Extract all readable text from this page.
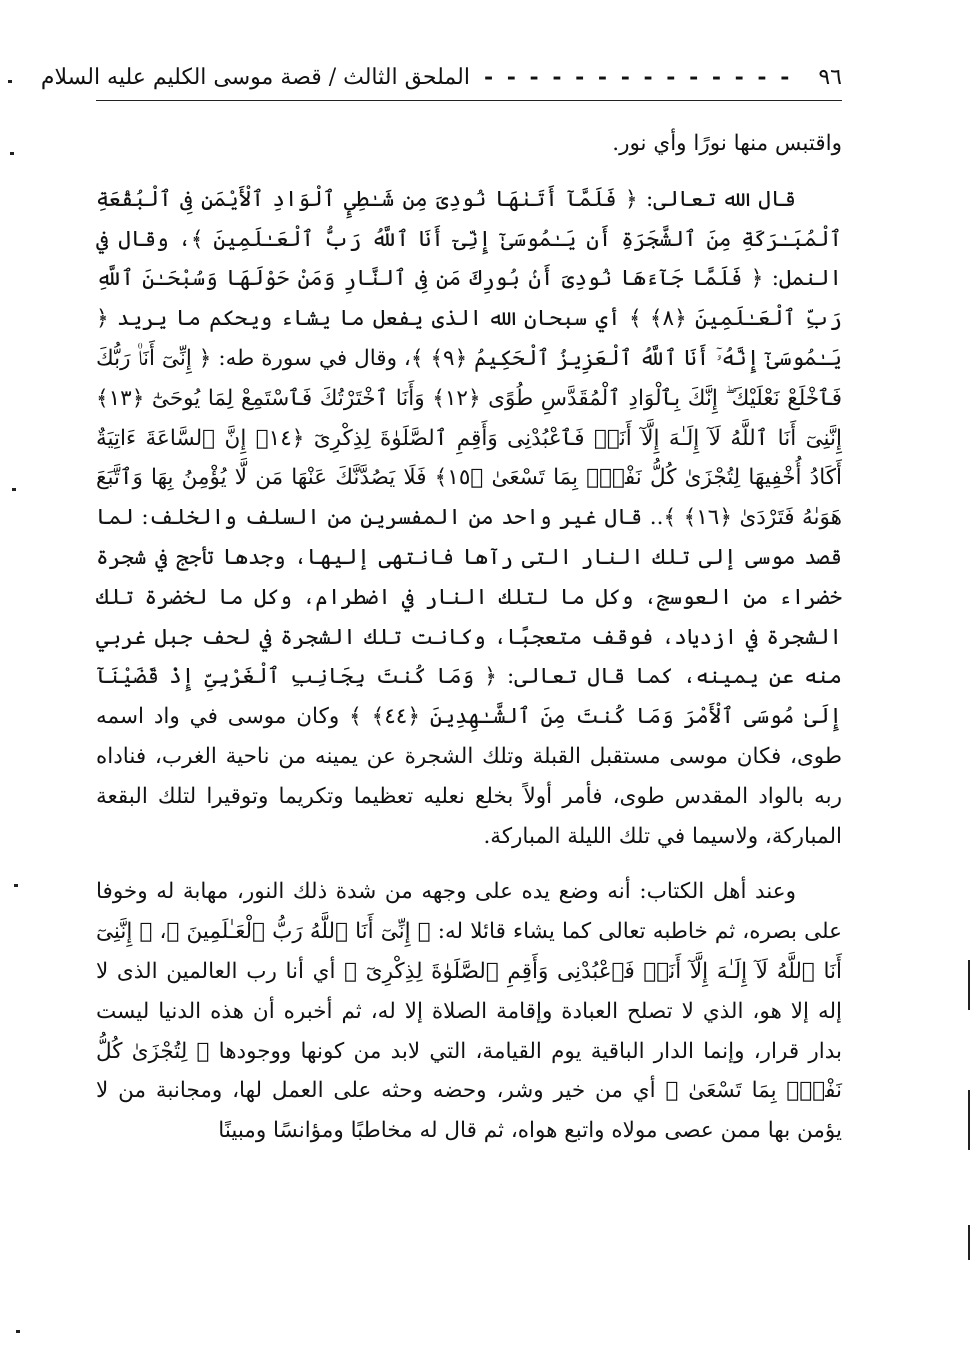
٩٦
- - - - - - - - - - - - - -
الملحق الثالث / قصة موسى الكليم عليه السلام

واقتبس منها نورًا وأي نور.

قال الله تعالى: ﴿ فَلَمَّآ أَتَىٰهَا نُودِىَ مِن شَـٰطِىِٕ ٱلْوَادِ ٱلْأَيْمَنِ فِى ٱلْبُقْعَةِ ٱلْمُبَـٰرَكَةِ مِنَ ٱلشَّجَرَةِ أَن يَـٰمُوسَىٰٓ إِنِّىٓ أَنَا ٱللَّهُ رَبُّ ٱلْعَـٰلَمِينَ ﴾، وقال في النمل: ﴿ فَلَمَّا جَآءَهَا نُودِىَ أَنۢ بُورِكَ مَن فِى ٱلنَّارِ وَمَنْ حَوْلَهَا وَسُبْحَـٰنَ ٱللَّهِ رَبِّ ٱلْعَـٰلَمِينَ ﴿٨﴾ ﴾ أي سبحان الله الذى يفعل ما يشاء ويحكم ما يريد ﴿ يَـٰمُوسَىٰٓ إِنَّهُۥٓ أَنَا ٱللَّهُ ٱلْعَزِيزُ ٱلْحَكِيمُ ﴿٩﴾ ﴾، وقال في سورة طه: ﴿ إِنِّىٓ أَنَا۠ رَبُّكَ فَٱخْلَعْ نَعْلَيْكَ ۖ إِنَّكَ بِٱلْوَادِ ٱلْمُقَدَّسِ طُوًى ﴿١٢﴾ وَأَنَا ٱخْتَرْتُكَ فَٱسْتَمِعْ لِمَا يُوحَىٰٓ ﴿١٣﴾ إِنَّنِىٓ أَنَا ٱللَّهُ لَآ إِلَـٰهَ إِلَّآ أَنَا۠ فَٱعْبُدْنِى وَأَقِمِ ٱلصَّلَوٰةَ لِذِكْرِىٓ ﴿١٤﴾ إِنَّ ٱلسَّاعَةَ ءَاتِيَةٌ أَكَادُ أُخْفِيهَا لِتُجْزَىٰ كُلُّ نَفْسٍۭ بِمَا تَسْعَىٰ ﴿١٥﴾ فَلَا يَصُدَّنَّكَ عَنْهَا مَن لَّا يُؤْمِنُ بِهَا وَٱتَّبَعَ هَوَىٰهُ فَتَرْدَىٰ ﴿١٦﴾ ﴾.. قال غير واحد من المفسرين من السلف والخلف: لما قصد موسى إلى تلك النار التى رآها فانتهى إليها، وجدها تأجج في شجرة خضراء من العوسج، وكل ما لتلك النار في اضطرام، وكل ما لخضرة تلك الشجرة في ازدياد، فوقف متعجبًا، وكانت تلك الشجرة في لحف جبل غربي منه عن يمينه، كما قال تعالى: ﴿ وَمَا كُنتَ بِجَانِبِ ٱلْغَرْبِىِّ إِذْ قَضَيْنَآ إِلَىٰ مُوسَى ٱلْأَمْرَ وَمَا كُنتَ مِنَ ٱلشَّـٰهِدِينَ ﴿٤٤﴾ ﴾ وكان موسى في واد اسمه طوى، فكان موسى مستقبل القبلة وتلك الشجرة عن يمينه من ناحية الغرب، فناداه ربه بالواد المقدس طوى، فأمر أولاً بخلع نعليه تعظيما وتكريما وتوقيرا لتلك البقعة المباركة، ولاسيما في تلك الليلة المباركة.

وعند أهل الكتاب: أنه وضع يده على وجهه من شدة ذلك النور، مهابة له وخوفا على بصره، ثم خاطبه تعالى كما يشاء قائلا له: ﴿ إِنِّىٓ أَنَا ٱللَّهُ رَبُّ ٱلْعَـٰلَمِينَ ﴾، ﴿ إِنَّنِىٓ أَنَا ٱللَّهُ لَآ إِلَـٰهَ إِلَّآ أَنَا۠ فَٱعْبُدْنِى وَأَقِمِ ٱلصَّلَوٰةَ لِذِكْرِىٓ ﴾ أي أنا رب العالمين الذى لا إله إلا هو، الذي لا تصلح العبادة وإقامة الصلاة إلا له، ثم أخبره أن هذه الدنيا ليست بدار قرار، وإنما الدار الباقية يوم القيامة، التي لابد من كونها ووجودها ﴿ لِتُجْزَىٰ كُلُّ نَفْسٍۭ بِمَا تَسْعَىٰ ﴾ أي من خير وشر، وحضه وحثه على العمل لها، ومجانبة من لا يؤمن بها ممن عصى مولاه واتبع هواه، ثم قال له مخاطبًا ومؤانسًا ومبينًا
